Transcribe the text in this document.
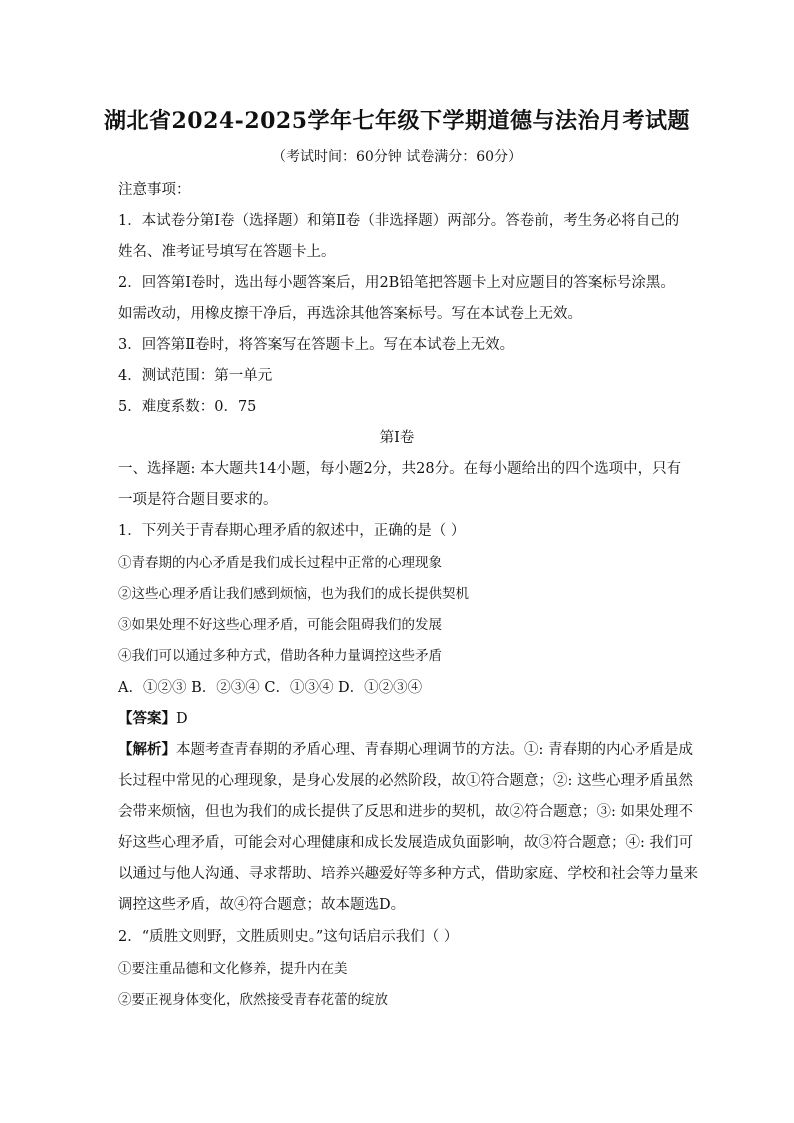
湖北省2024-2025学年七年级下学期道德与法治月考试题
（考试时间：60分钟 试卷满分：60分）
注意事项：
1．本试卷分第Ⅰ卷（选择题）和第Ⅱ卷（非选择题）两部分。答卷前，考生务必将自己的
姓名、准考证号填写在答题卡上。
2．回答第Ⅰ卷时，选出每小题答案后，用2B铅笔把答题卡上对应题目的答案标号涂黑。
如需改动，用橡皮擦干净后，再选涂其他答案标号。写在本试卷上无效。
3．回答第Ⅱ卷时，将答案写在答题卡上。写在本试卷上无效。
4．测试范围：第一单元
5．难度系数：0．75
第Ⅰ卷
一、选择题: 本大题共14小题，每小题2分，共28分。在每小题给出的四个选项中，只有
一项是符合题目要求的。
1．下列关于青春期心理矛盾的叙述中，正确的是（ ）
①青春期的内心矛盾是我们成长过程中正常的心理现象
②这些心理矛盾让我们感到烦恼，也为我们的成长提供契机
③如果处理不好这些心理矛盾，可能会阻碍我们的发展
④我们可以通过多种方式，借助各种力量调控这些矛盾
A．①②③ B．②③④ C．①③④ D．①②③④
【答案】D
【解析】本题考查青春期的矛盾心理、青春期心理调节的方法。①: 青春期的内心矛盾是成
长过程中常见的心理现象，是身心发展的必然阶段，故①符合题意；②: 这些心理矛盾虽然
会带来烦恼，但也为我们的成长提供了反思和进步的契机，故②符合题意；③: 如果处理不
好这些心理矛盾，可能会对心理健康和成长发展造成负面影响，故③符合题意；④: 我们可
以通过与他人沟通、寻求帮助、培养兴趣爱好等多种方式，借助家庭、学校和社会等力量来
调控这些矛盾，故④符合题意；故本题选D。
2．“质胜文则野，文胜质则史。”这句话启示我们（ ）
①要注重品德和文化修养，提升内在美
②要正视身体变化，欣然接受青春花蕾的绽放
